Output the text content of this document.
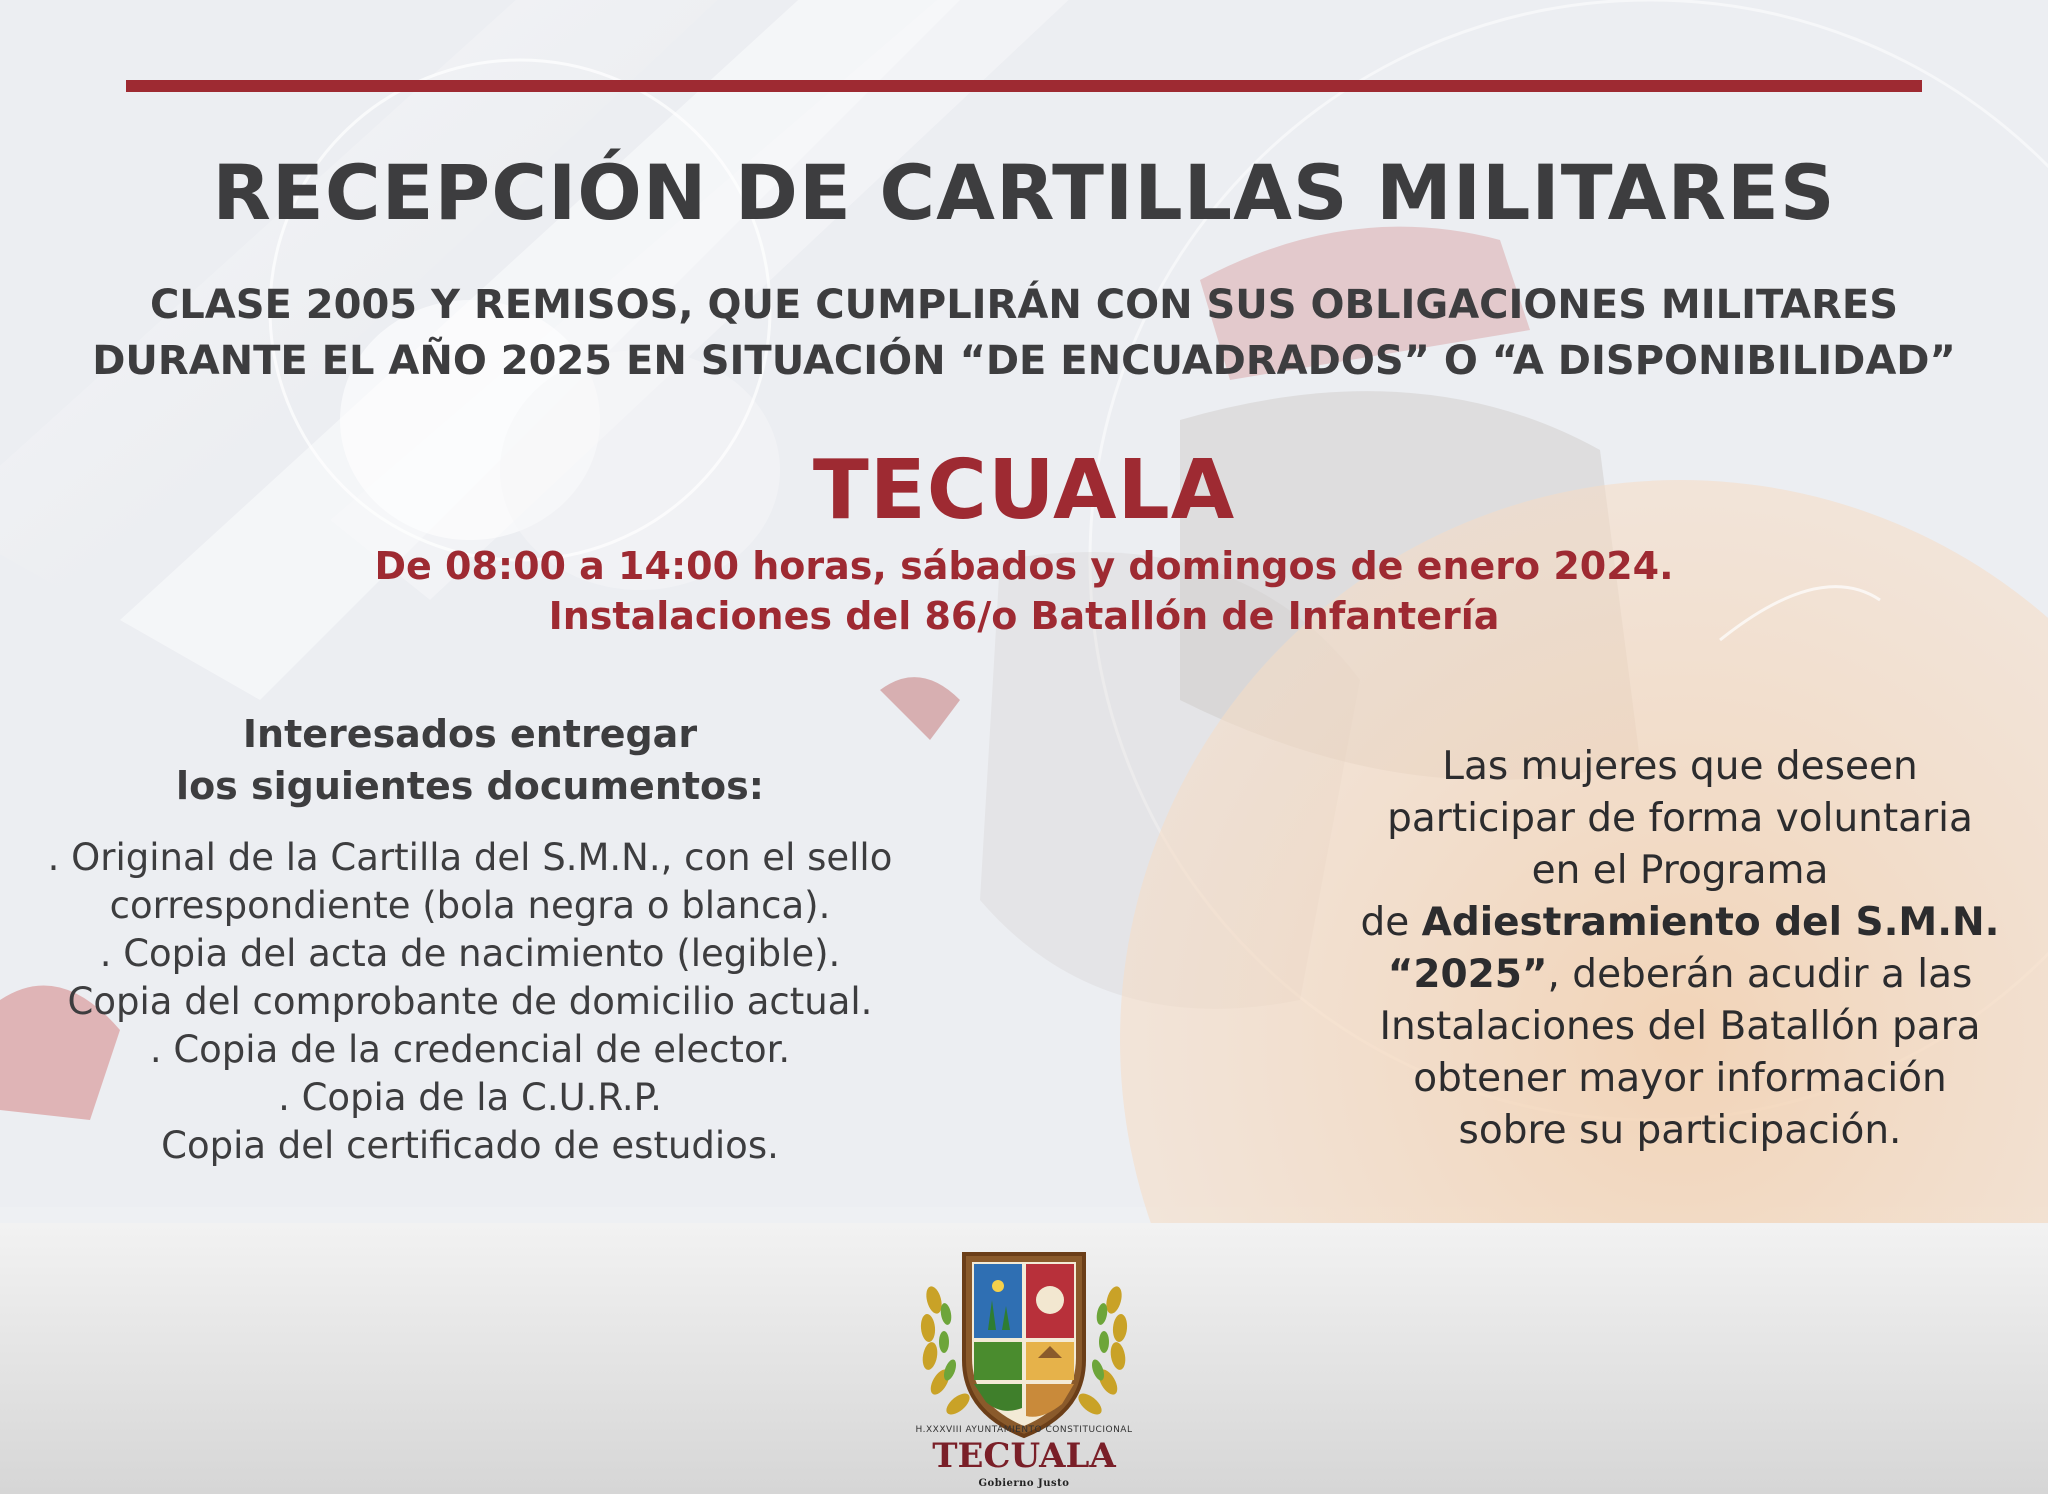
RECEPCIÓN DE CARTILLAS MILITARES
CLASE 2005 Y REMISOS, QUE CUMPLIRÁN CON SUS OBLIGACIONES MILITARES
DURANTE EL AÑO 2025 EN SITUACIÓN “DE ENCUADRADOS” O “A DISPONIBILIDAD”
TECUALA
De 08:00 a 14:00 horas, sábados y domingos de enero 2024.
Instalaciones del 86/o Batallón de Infantería
Interesados entregar
los siguientes documentos:
. Original de la Cartilla del S.M.N., con el sello
correspondiente (bola negra o blanca).
. Copia del acta de nacimiento (legible).
Copia del comprobante de domicilio actual.
. Copia de la credencial de elector.
. Copia de la C.U.R.P.
Copia del certificado de estudios.
Las mujeres que deseen
participar de forma voluntaria
en el Programa
de Adiestramiento del S.M.N.
“2025”, deberán acudir a las
Instalaciones del Batallón para
obtener mayor información
sobre su participación.
H.XXXVIII AYUNTAMIENTO CONSTITUCIONAL
TECUALA
Gobierno Justo
